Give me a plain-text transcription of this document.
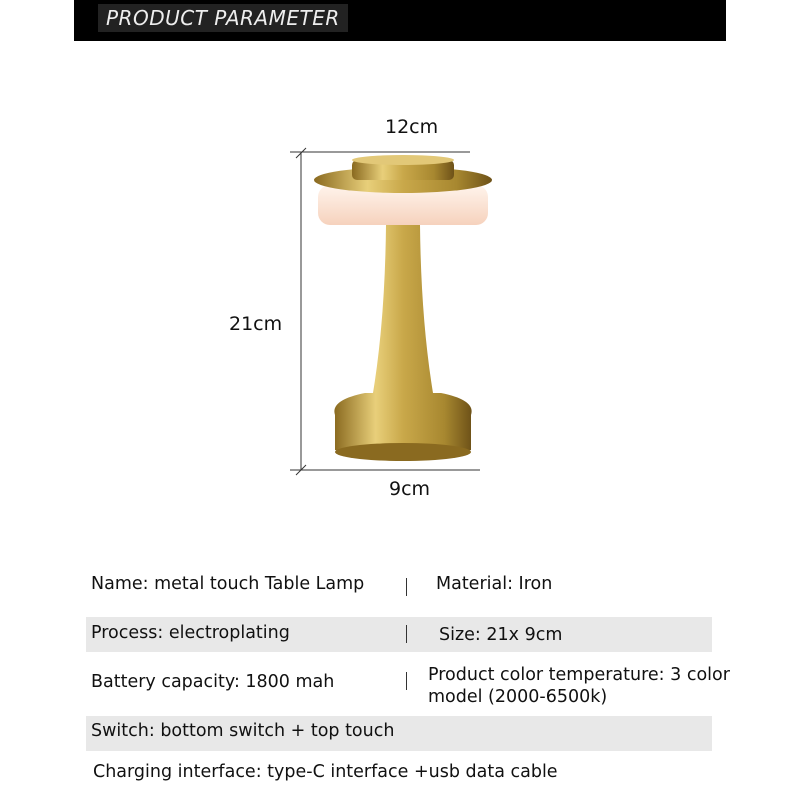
PRODUCT PARAMETER
12cm
21cm
9cm
Name: metal touch Table Lamp	Material: Iron
Process: electroplating	Size: 21x 9cm
Battery capacity: 1800 mah	Product color temperature: 3 color
model (2000-6500k)
Switch: bottom switch + top touch
Charging interface: type-C interface +usb data cable
